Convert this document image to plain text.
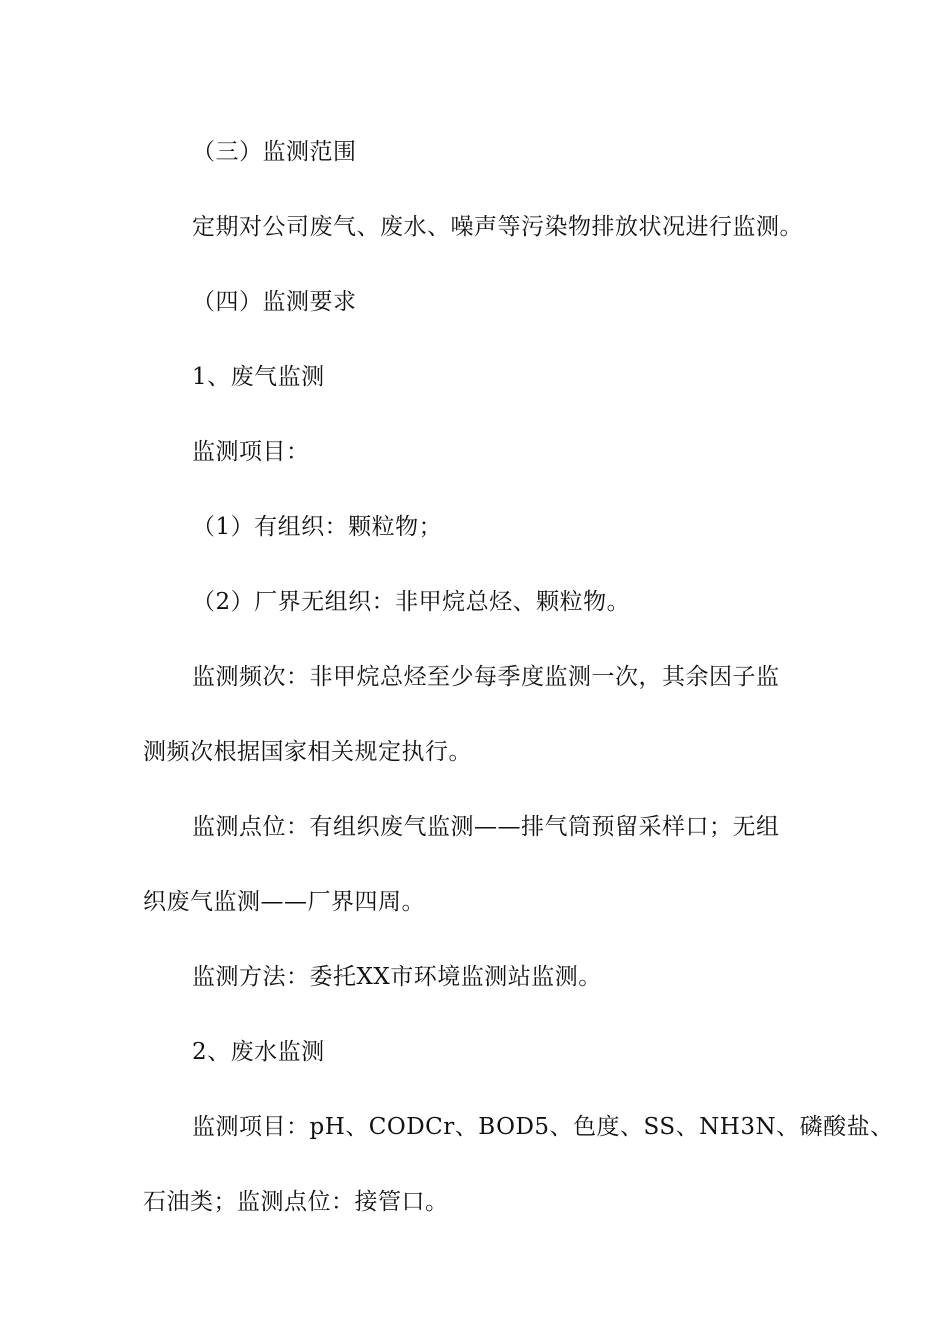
（三）监测范围
定期对公司废气、废水、噪声等污染物排放状况进行监测。
（四）监测要求
1、废气监测
监测项目：
（1）有组织：颗粒物；
（2）厂界无组织：非甲烷总烃、颗粒物。
监测频次：非甲烷总烃至少每季度监测一次，其余因子监
测频次根据国家相关规定执行。
监测点位：有组织废气监测——排气筒预留采样口；无组
织废气监测——厂界四周。
监测方法：委托XX市环境监测站监测。
2、废水监测
监测项目：pH、CODCr、BOD5、色度、SS、NH3N、磷酸盐、
石油类；监测点位：接管口。
